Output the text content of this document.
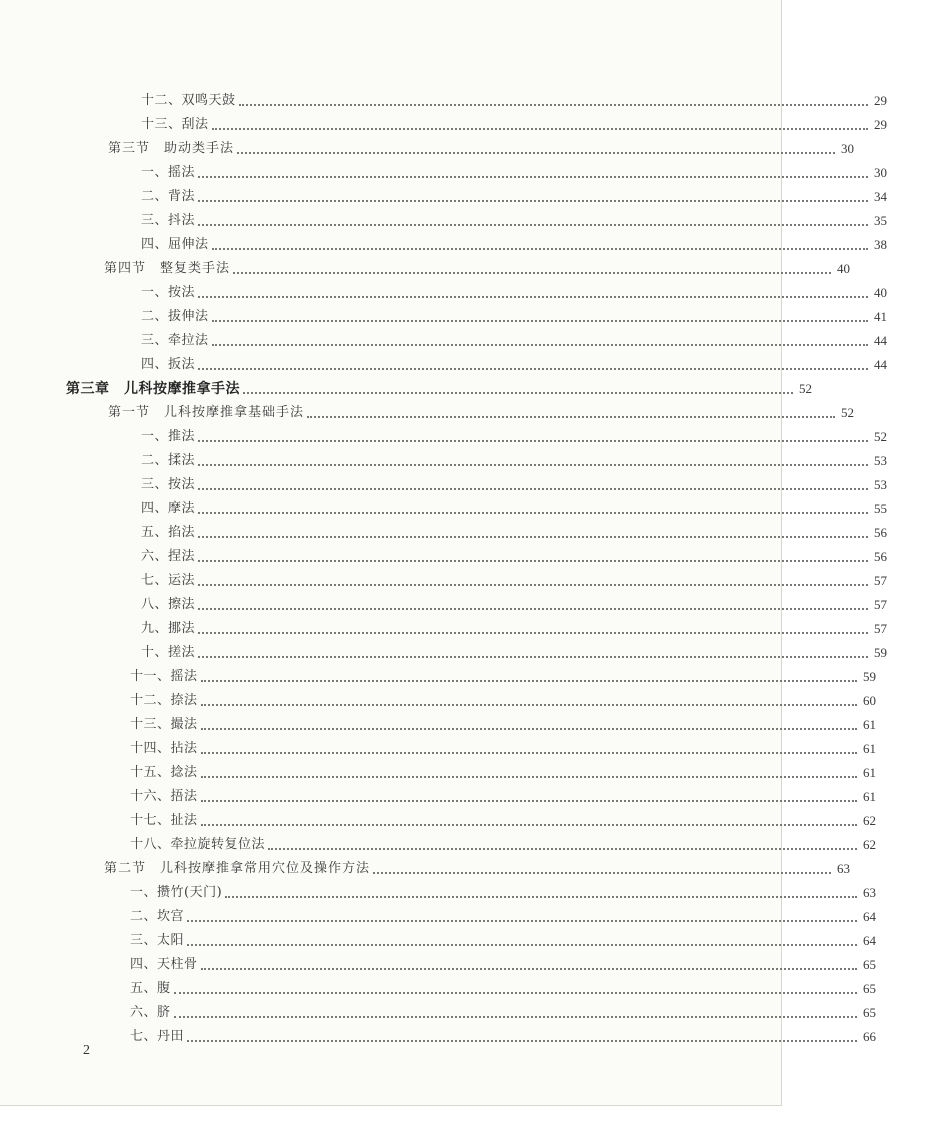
十二、双鸣天鼓	29
十三、刮法	29
第三节　助动类手法	30
一、摇法	30
二、背法	34
三、抖法	35
四、屈伸法	38
第四节　整复类手法	40
一、按法	40
二、拔伸法	41
三、牵拉法	44
四、扳法	44
第三章　儿科按摩推拿手法	52
第一节　儿科按摩推拿基础手法	52
一、推法	52
二、揉法	53
三、按法	53
四、摩法	55
五、掐法	56
六、捏法	56
七、运法	57
八、擦法	57
九、挪法	57
十、搓法	59
十一、摇法	59
十二、捺法	60
十三、撮法	61
十四、拈法	61
十五、捻法	61
十六、捂法	61
十七、扯法	62
十八、牵拉旋转复位法	62
第二节　儿科按摩推拿常用穴位及操作方法	63
一、攒竹(天门)	63
二、坎宫	64
三、太阳	64
四、天柱骨	65
五、腹	65
六、脐	65
七、丹田	66
2
